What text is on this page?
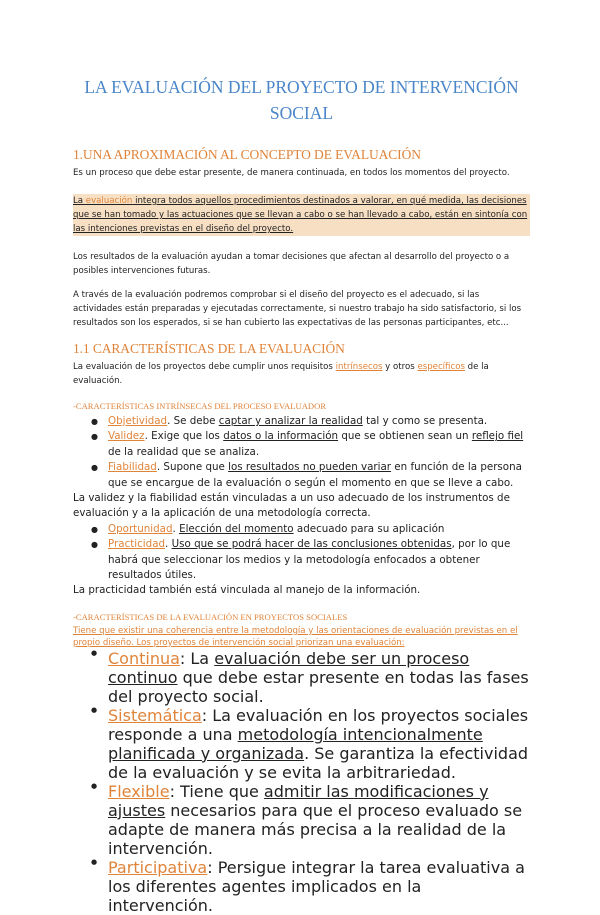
LA EVALUACIÓN DEL PROYECTO DE INTERVENCIÓN SOCIAL
1.UNA APROXIMACIÓN AL CONCEPTO DE EVALUACIÓN

Es un proceso que debe estar presente, de manera continuada, en todos los momentos del proyecto.

La evaluación integra todos aquellos procedimientos destinados a valorar, en qué medida, las decisiones que se han tomado y las actuaciones que se llevan a cabo o se han llevado a cabo, están en sintonía con las intenciones previstas en el diseño del proyecto.

Los resultados de la evaluación ayudan a tomar decisiones que afectan al desarrollo del proyecto o a posibles intervenciones futuras.

A través de la evaluación podremos comprobar si el diseño del proyecto es el adecuado, si las actividades están preparadas y ejecutadas correctamente, si nuestro trabajo ha sido satisfactorio, si los resultados son los esperados, si se han cubierto las expectativas de las personas participantes, etc...

1.1 CARACTERÍSTICAS DE LA EVALUACIÓN

La evaluación de los proyectos debe cumplir unos requisitos intrínsecos y otros específicos de la evaluación.

-CARACTERÍSTICAS INTRÍNSECAS DEL PROCESO EVALUADOR
● Objetividad. Se debe captar y analizar la realidad tal y como se presenta.
● Validez. Exige que los datos o la información que se obtienen sean un reflejo fiel de la realidad que se analiza.
● Fiabilidad. Supone que los resultados no pueden variar en función de la persona que se encargue de la evaluación o según el momento en que se lleve a cabo.

La validez y la fiabilidad están vinculadas a un uso adecuado de los instrumentos de evaluación y a la aplicación de una metodología correcta.

● Oportunidad. Elección del momento adecuado para su aplicación
● Practicidad. Uso que se podrá hacer de las conclusiones obtenidas, por lo que habrá que seleccionar los medios y la metodología enfocados a obtener resultados útiles.

La practicidad también está vinculada al manejo de la información.

-CARACTERÍSTICAS DE LA EVALUACIÓN EN PROYECTOS SOCIALES

Tiene que existir una coherencia entre la metodología y las orientaciones de evaluación previstas en el propio diseño. Los proyectos de intervención social priorizan una evaluación:

● Continua: La evaluación debe ser un proceso continuo que debe estar presente en todas las fases del proyecto social.
● Sistemática: La evaluación en los proyectos sociales responde a una metodología intencionalmente planificada y organizada. Se garantiza la efectividad de la evaluación y se evita la arbitrariedad.
● Flexible: Tiene que admitir las modificaciones y ajustes necesarios para que el proceso evaluado se adapte de manera más precisa a la realidad de la intervención.
● Participativa: Persigue integrar la tarea evaluativa a los diferentes agentes implicados en la intervención.
